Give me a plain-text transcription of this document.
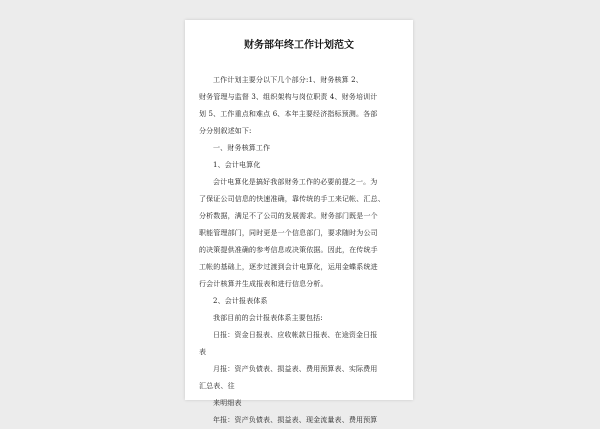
财务部年终工作计划范文
工作计划主要分以下几个部分:1、财务核算 2、
财务管理与监督 3、组织架构与岗位职责 4、财务培训计
划 5、工作重点和难点 6、本年主要经济指标预测。各部
分分别叙述如下:
一、财务核算工作
1、会计电算化
会计电算化是搞好我部财务工作的必要前提之一。为
了保证公司信息的快速准确，靠传统的手工来记帐、汇总、
分析数据，满足不了公司的发展需求。财务部门既是一个
职能管理部门，同时更是一个信息部门，要求随时为公司
的决策提供准确的参考信息或决策依据。因此，在传统手
工帐的基础上，逐步过渡到会计电算化，运用金蝶系统进
行会计核算并生成报表和进行信息分析。
2、会计报表体系
我部目前的会计报表体系主要包括:
日报：资金日报表、应收帐款日报表、在途资金日报
表
月报：资产负债表、损益表、费用预算表、实际费用
汇总表、往
来明细表
年报：资产负债表、损益表、现金流量表、费用预算
